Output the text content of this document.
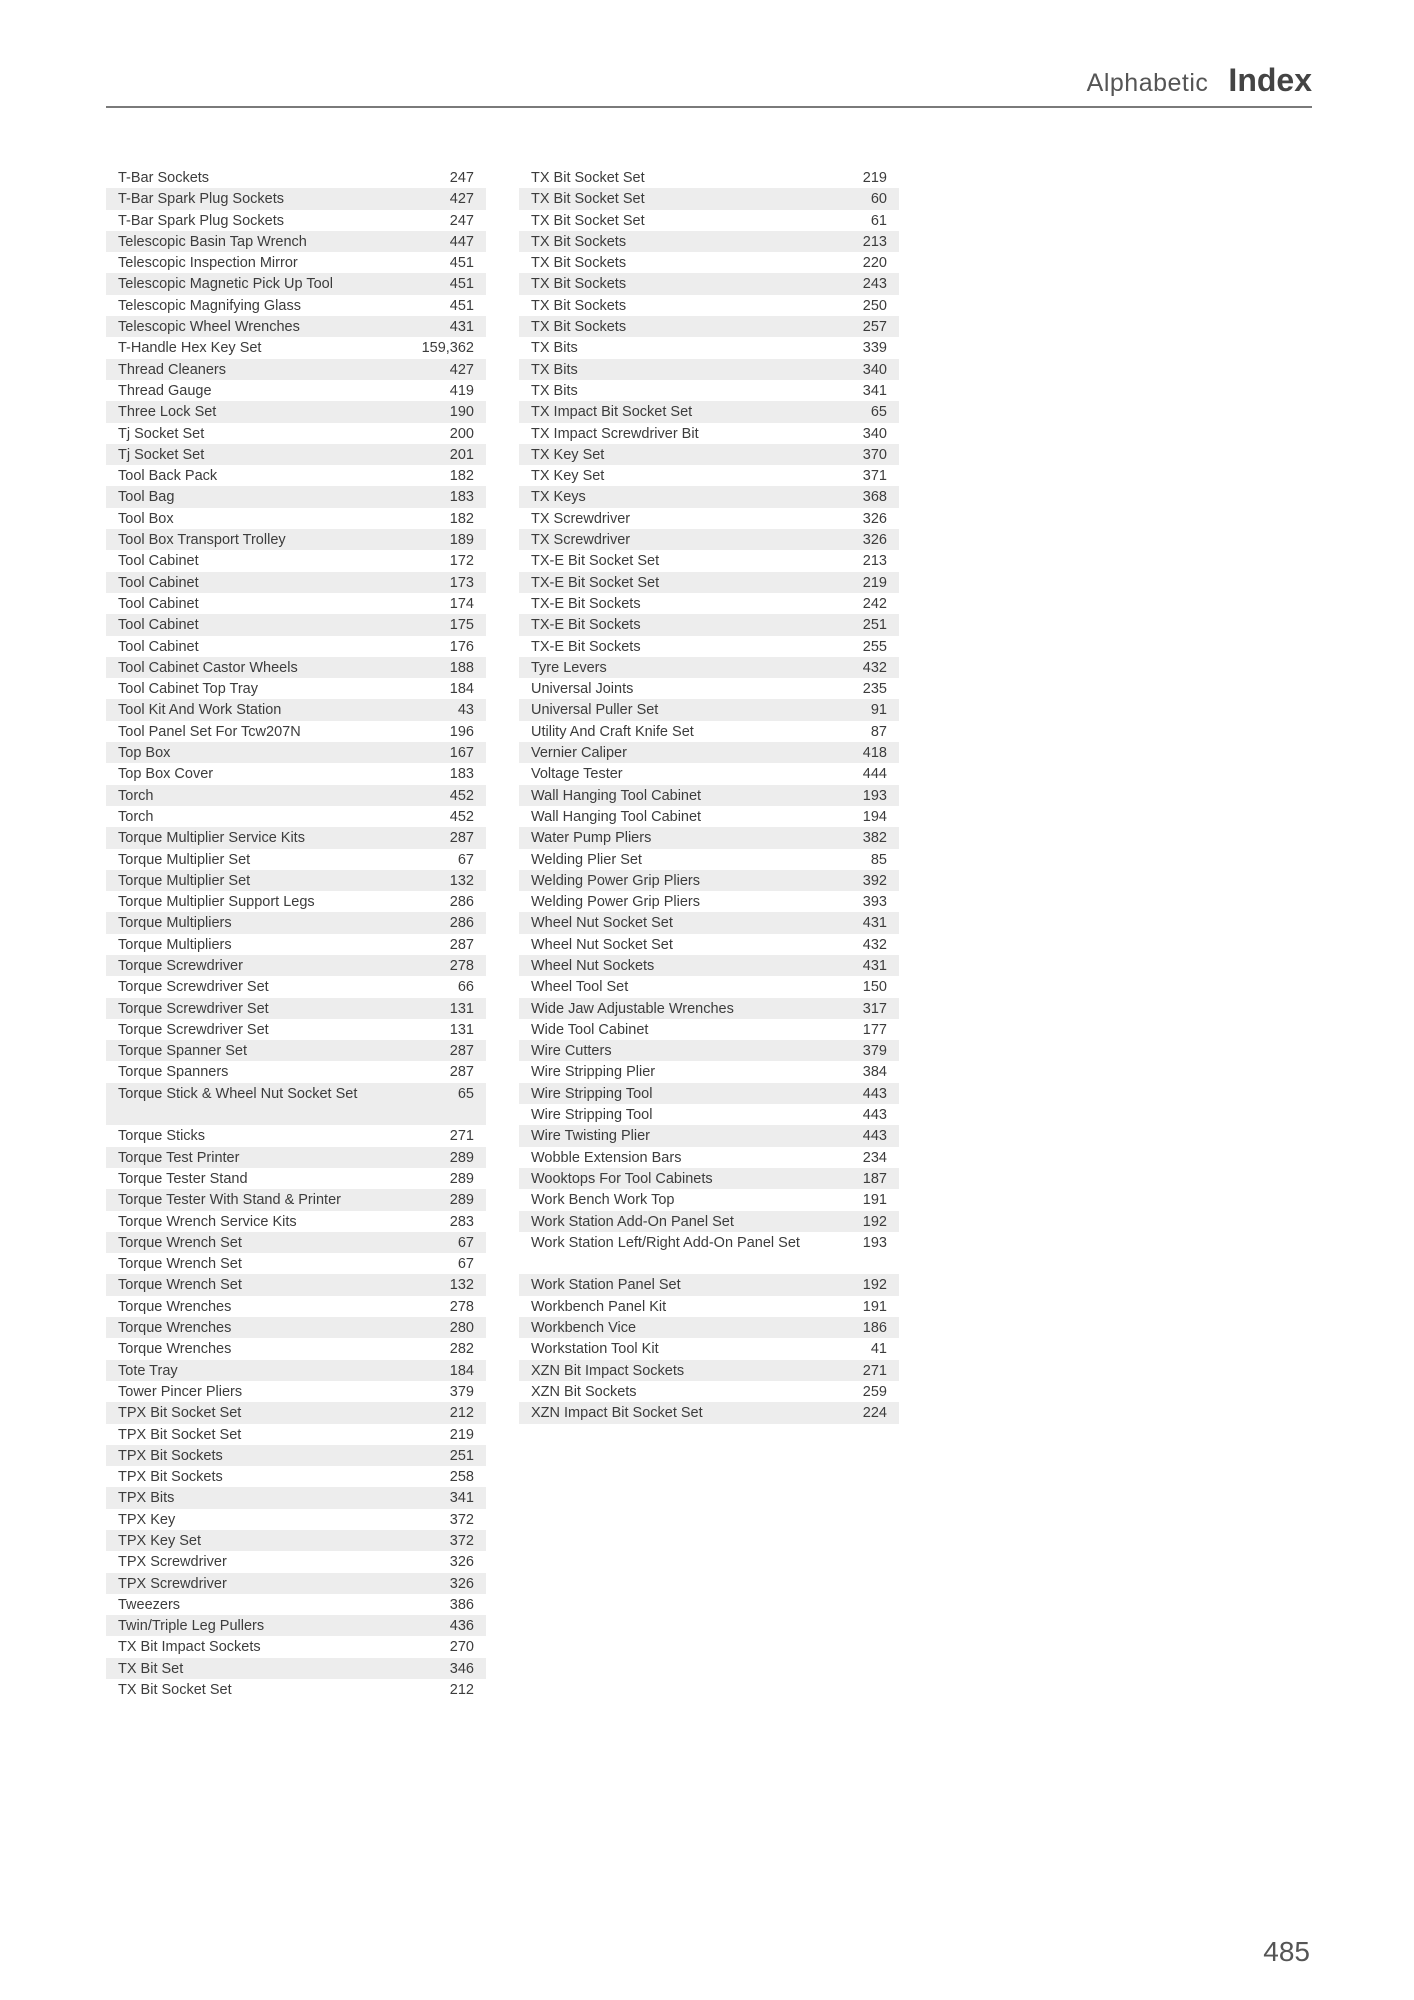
Alphabetic Index
T-Bar Sockets	247
T-Bar Spark Plug Sockets	427
T-Bar Spark Plug Sockets	247
Telescopic Basin Tap Wrench	447
Telescopic Inspection Mirror	451
Telescopic Magnetic Pick Up Tool	451
Telescopic Magnifying Glass	451
Telescopic Wheel Wrenches	431
T-Handle Hex Key Set	159,362
Thread Cleaners	427
Thread Gauge	419
Three Lock Set	190
Tj Socket Set	200
Tj Socket Set	201
Tool Back Pack	182
Tool Bag	183
Tool Box	182
Tool Box Transport Trolley	189
Tool Cabinet	172
Tool Cabinet	173
Tool Cabinet	174
Tool Cabinet	175
Tool Cabinet	176
Tool Cabinet Castor Wheels	188
Tool Cabinet Top Tray	184
Tool Kit And Work Station	43
Tool Panel Set For Tcw207N	196
Top Box	167
Top Box Cover	183
Torch	452
Torch	452
Torque Multiplier Service Kits	287
Torque Multiplier Set	67
Torque Multiplier Set	132
Torque Multiplier Support Legs	286
Torque Multipliers	286
Torque Multipliers	287
Torque Screwdriver	278
Torque Screwdriver Set	66
Torque Screwdriver Set	131
Torque Screwdriver Set	131
Torque Spanner Set	287
Torque Spanners	287
Torque Stick & Wheel Nut Socket Set	65
Torque Sticks	271
Torque Test Printer	289
Torque Tester Stand	289
Torque Tester With Stand & Printer	289
Torque Wrench Service Kits	283
Torque Wrench Set	67
Torque Wrench Set	67
Torque Wrench Set	132
Torque Wrenches	278
Torque Wrenches	280
Torque Wrenches	282
Tote Tray	184
Tower Pincer Pliers	379
TPX Bit Socket Set	212
TPX Bit Socket Set	219
TPX Bit Sockets	251
TPX Bit Sockets	258
TPX Bits	341
TPX Key	372
TPX Key Set	372
TPX Screwdriver	326
TPX Screwdriver	326
Tweezers	386
Twin/Triple Leg Pullers	436
TX Bit Impact Sockets	270
TX Bit Set	346
TX Bit Socket Set	212
TX Bit Socket Set	219
TX Bit Socket Set	60
TX Bit Socket Set	61
TX Bit Sockets	213
TX Bit Sockets	220
TX Bit Sockets	243
TX Bit Sockets	250
TX Bit Sockets	257
TX Bits	339
TX Bits	340
TX Bits	341
TX Impact Bit Socket Set	65
TX Impact Screwdriver Bit	340
TX Key Set	370
TX Key Set	371
TX Keys	368
TX Screwdriver	326
TX Screwdriver	326
TX-E Bit Socket Set	213
TX-E Bit Socket Set	219
TX-E Bit Sockets	242
TX-E Bit Sockets	251
TX-E Bit Sockets	255
Tyre Levers	432
Universal Joints	235
Universal Puller Set	91
Utility And Craft Knife Set	87
Vernier Caliper	418
Voltage Tester	444
Wall Hanging Tool Cabinet	193
Wall Hanging Tool Cabinet	194
Water Pump Pliers	382
Welding Plier Set	85
Welding Power Grip Pliers	392
Welding Power Grip Pliers	393
Wheel Nut Socket Set	431
Wheel Nut Socket Set	432
Wheel Nut Sockets	431
Wheel Tool Set	150
Wide Jaw Adjustable Wrenches	317
Wide Tool Cabinet	177
Wire Cutters	379
Wire Stripping Plier	384
Wire Stripping Tool	443
Wire Stripping Tool	443
Wire Twisting Plier	443
Wobble Extension Bars	234
Wooktops For Tool Cabinets	187
Work Bench Work Top	191
Work Station Add-On Panel Set	192
Work Station Left/Right Add-On Panel Set	193
Work Station Panel Set	192
Workbench Panel Kit	191
Workbench Vice	186
Workstation Tool Kit	41
XZN Bit Impact Sockets	271
XZN Bit Sockets	259
XZN Impact Bit Socket Set	224
485
